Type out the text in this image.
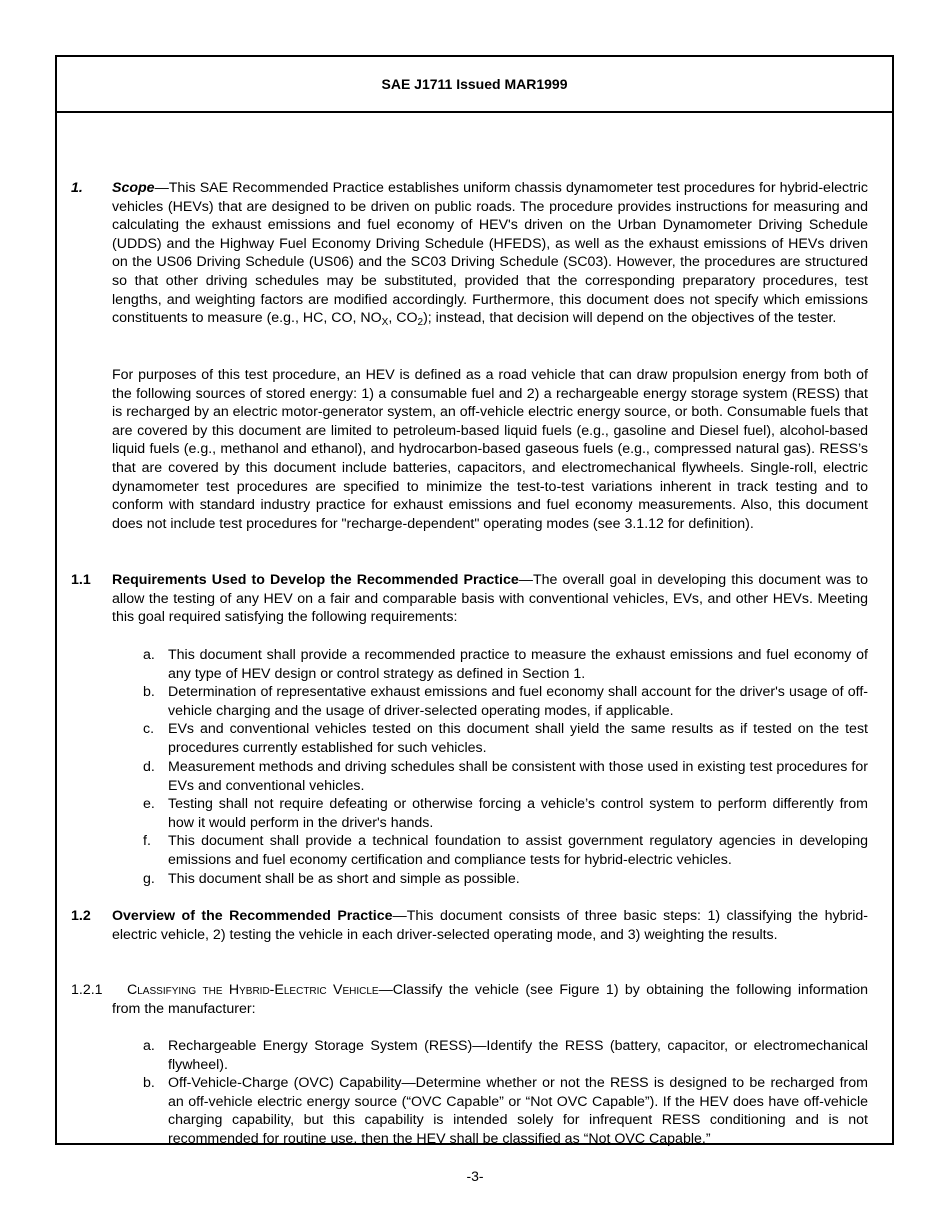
SAE J1711 Issued MAR1999
1. Scope—This SAE Recommended Practice establishes uniform chassis dynamometer test procedures for hybrid-electric vehicles (HEVs) that are designed to be driven on public roads. The procedure provides instructions for measuring and calculating the exhaust emissions and fuel economy of HEV's driven on the Urban Dynamometer Driving Schedule (UDDS) and the Highway Fuel Economy Driving Schedule (HFEDS), as well as the exhaust emissions of HEVs driven on the US06 Driving Schedule (US06) and the SC03 Driving Schedule (SC03). However, the procedures are structured so that other driving schedules may be substituted, provided that the corresponding preparatory procedures, test lengths, and weighting factors are modified accordingly. Furthermore, this document does not specify which emissions constituents to measure (e.g., HC, CO, $NO_X$, $CO_2$); instead, that decision will depend on the objectives of the tester.

For purposes of this test procedure, an HEV is defined as a road vehicle that can draw propulsion energy from both of the following sources of stored energy: 1) a consumable fuel and 2) a rechargeable energy storage system (RESS) that is recharged by an electric motor-generator system, an off-vehicle electric energy source, or both. Consumable fuels that are covered by this document are limited to petroleum-based liquid fuels (e.g., gasoline and Diesel fuel), alcohol-based liquid fuels (e.g., methanol and ethanol), and hydrocarbon-based gaseous fuels (e.g., compressed natural gas). RESS’s that are covered by this document include batteries, capacitors, and electromechanical flywheels. Single-roll, electric dynamometer test procedures are specified to minimize the test-to-test variations inherent in track testing and to conform with standard industry practice for exhaust emissions and fuel economy measurements. Also, this document does not include test procedures for "recharge-dependent" operating modes (see 3.1.12 for definition).

1.1 Requirements Used to Develop the Recommended Practice—The overall goal in developing this document was to allow the testing of any HEV on a fair and comparable basis with conventional vehicles, EVs, and other HEVs. Meeting this goal required satisfying the following requirements:

a. This document shall provide a recommended practice to measure the exhaust emissions and fuel economy of any type of HEV design or control strategy as defined in Section 1.

b. Determination of representative exhaust emissions and fuel economy shall account for the driver's usage of off-vehicle charging and the usage of driver-selected operating modes, if applicable.

c. EVs and conventional vehicles tested on this document shall yield the same results as if tested on the test procedures currently established for such vehicles.

d. Measurement methods and driving schedules shall be consistent with those used in existing test procedures for EVs and conventional vehicles.

e. Testing shall not require defeating or otherwise forcing a vehicle’s control system to perform differently from how it would perform in the driver's hands.

f. This document shall provide a technical foundation to assist government regulatory agencies in developing emissions and fuel economy certification and compliance tests for hybrid-electric vehicles.

g. This document shall be as short and simple as possible.

1.2 Overview of the Recommended Practice—This document consists of three basic steps: 1) classifying the hybrid-electric vehicle, 2) testing the vehicle in each driver-selected operating mode, and 3) weighting the results.

1.2.1	Classifying the Hybrid-Electric Vehicle—Classify the vehicle (see Figure 1) by obtaining the following information from the manufacturer:

a. Rechargeable Energy Storage System (RESS)—Identify the RESS (battery, capacitor, or electromechanical flywheel).

b. Off-Vehicle-Charge (OVC) Capability—Determine whether or not the RESS is designed to be recharged from an off-vehicle electric energy source (“OVC Capable” or “Not OVC Capable”). If the HEV does have off-vehicle charging capability, but this capability is intended solely for infrequent RESS conditioning and is not recommended for routine use, then the HEV shall be classified as “Not OVC Capable.”

-3-
